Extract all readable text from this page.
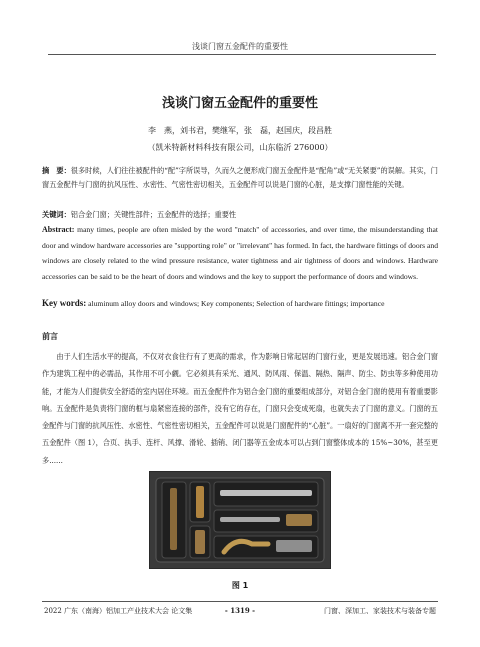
浅谈门窗五金配件的重要性
浅谈门窗五金配件的重要性
李　燕，刘书君，樊继军，张　磊，赵国庆，段昌胜
（凯米特新材料科技有限公司，山东临沂 276000）
摘　要：很多时候，人们往往被配件的“配”字所误导，久而久之便形成门窗五金配件是“配角”或“无关紧要”的误解。其实，门窗五金配件与门窗的抗风压性、水密性、气密性密切相关，五金配件可以说是门窗的心脏，是支撑门窗性能的关键。
关键词：铝合金门窗；关键性部件；五金配件的选择；重要性
Abstract: many times, people are often misled by the word "match" of accessories, and over time, the misunderstanding that door and window hardware accessories are "supporting role" or "irrelevant" has formed. In fact, the hardware fittings of doors and windows are closely related to the wind pressure resistance, water tightness and air tightness of doors and windows. Hardware accessories can be said to be the heart of doors and windows and the key to support the performance of doors and windows.
Key words: aluminum alloy doors and windows; Key components; Selection of hardware fittings; importance
前言
由于人们生活水平的提高，不仅对衣食住行有了更高的需求，作为影响日常起居的门窗行业，更是发展迅速。铝合金门窗作为建筑工程中的必需品，其作用不可小觑。它必须具有采光、通风、防风雨、保温、隔热、隔声、防尘、防虫等多种使用功能，才能为人们提供安全舒适的室内居住环境。而五金配件作为铝合金门窗的重要组成部分，对铝合金门窗的使用有着重要影响。五金配件是负责将门窗的框与扇紧密连接的部件，没有它的存在，门窗只会变成死扇，也就失去了门窗的意义。门窗的五金配件与门窗的抗风压性、水密性、气密性密切相关，五金配件可以说是门窗配件的“心脏”。一扇好的门窗离不开一套完整的五金配件（图 1），合页、执手、连杆、风撑、滑轮、插销、闭门器等五金成本可以占到门窗整体成本的 15%~30%，甚至更多......
图 1
2022 广东（南海）铝加工产业技术大会 论文集	- 1319 -	门窗、深加工、家装技术与装备专题
